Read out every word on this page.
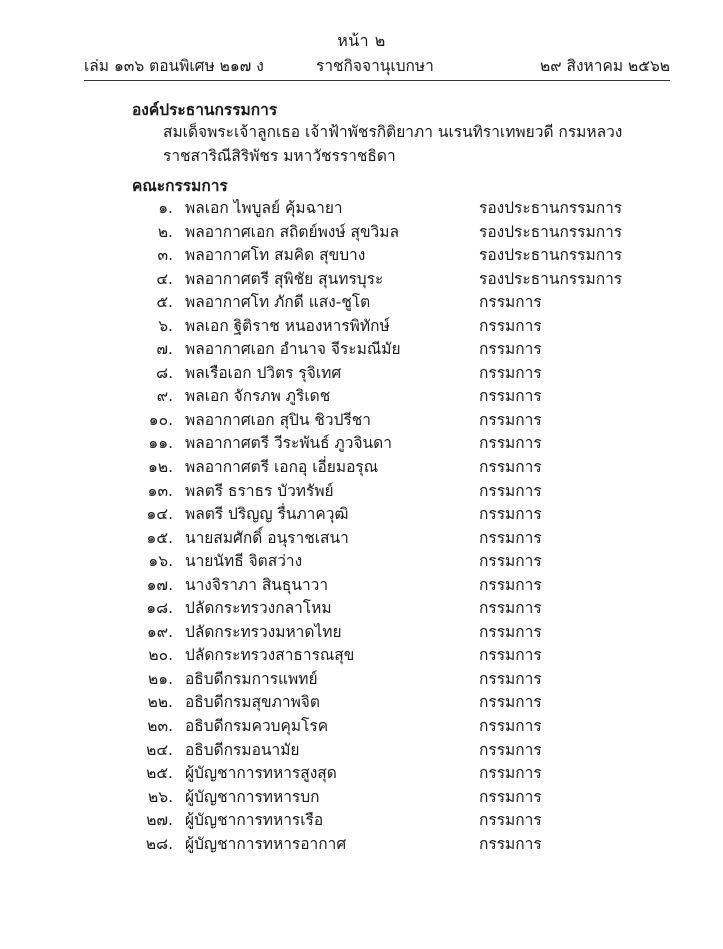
หน้า ๒
เล่ม ๑๓๖ ตอนพิเศษ ๒๑๗ ง	ราชกิจจานุเบกษา	๒๙ สิงหาคม ๒๕๖๒
องค์ประธานกรรมการ
สมเด็จพระเจ้าลูกเธอ เจ้าฟ้าพัชรกิติยาภา นเรนทิราเทพยวดี กรมหลวงราชสาริณีสิริพัชร มหาวัชรราชธิดา
คณะกรรมการ
๑. พลเอก ไพบูลย์ คุ้มฉายา	รองประธานกรรมการ
๒. พลอากาศเอก สถิตย์พงษ์ สุขวิมล	รองประธานกรรมการ
๓. พลอากาศโท สมคิด สุขบาง	รองประธานกรรมการ
๔. พลอากาศตรี สุพิชัย สุนทรบุระ	รองประธานกรรมการ
๕. พลอากาศโท ภักดี แสง-ชูโต	กรรมการ
๖. พลเอก ฐิติราช หนองหารพิทักษ์	กรรมการ
๗. พลอากาศเอก อำนาจ จีระมณีมัย	กรรมการ
๘. พลเรือเอก ปวิตร รุจิเทศ	กรรมการ
๙. พลเอก จักรภพ ภูริเดช	กรรมการ
๑๐. พลอากาศเอก สุปิน ชิวปรีชา	กรรมการ
๑๑. พลอากาศตรี วีระพันธ์ ภูวจินดา	กรรมการ
๑๒. พลอากาศตรี เอกอุ เอี่ยมอรุณ	กรรมการ
๑๓. พลตรี ธราธร บัวทรัพย์	กรรมการ
๑๔. พลตรี ปริญญ รื่นภาควุฒิ	กรรมการ
๑๕. นายสมศักดิ์ อนุราชเสนา	กรรมการ
๑๖. นายนัทธี จิตสว่าง	กรรมการ
๑๗. นางจิราภา สินธุนาวา	กรรมการ
๑๘. ปลัดกระทรวงกลาโหม	กรรมการ
๑๙. ปลัดกระทรวงมหาดไทย	กรรมการ
๒๐. ปลัดกระทรวงสาธารณสุข	กรรมการ
๒๑. อธิบดีกรมการแพทย์	กรรมการ
๒๒. อธิบดีกรมสุขภาพจิต	กรรมการ
๒๓. อธิบดีกรมควบคุมโรค	กรรมการ
๒๔. อธิบดีกรมอนามัย	กรรมการ
๒๕. ผู้บัญชาการทหารสูงสุด	กรรมการ
๒๖. ผู้บัญชาการทหารบก	กรรมการ
๒๗. ผู้บัญชาการทหารเรือ	กรรมการ
๒๘. ผู้บัญชาการทหารอากาศ	กรรมการ
